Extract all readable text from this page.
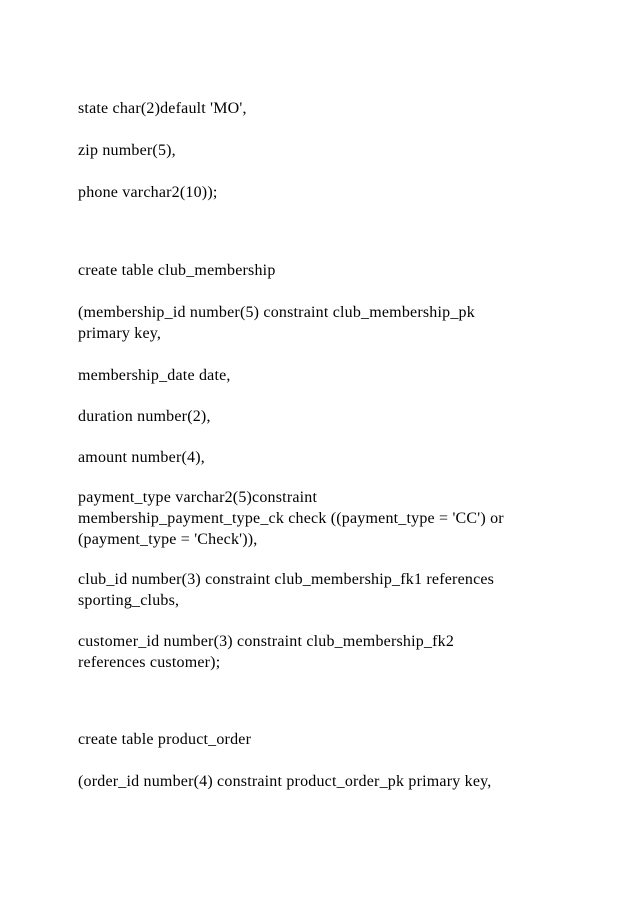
state char(2)default 'MO',
zip number(5),
phone varchar2(10));
create table club_membership
(membership_id number(5) constraint club_membership_pk
primary key,
membership_date date,
duration number(2),
amount number(4),
payment_type varchar2(5)constraint
membership_payment_type_ck check ((payment_type = 'CC') or
(payment_type = 'Check')),
club_id number(3) constraint club_membership_fk1 references
sporting_clubs,
customer_id number(3) constraint club_membership_fk2
references customer);
create table product_order
(order_id number(4) constraint product_order_pk primary key,
